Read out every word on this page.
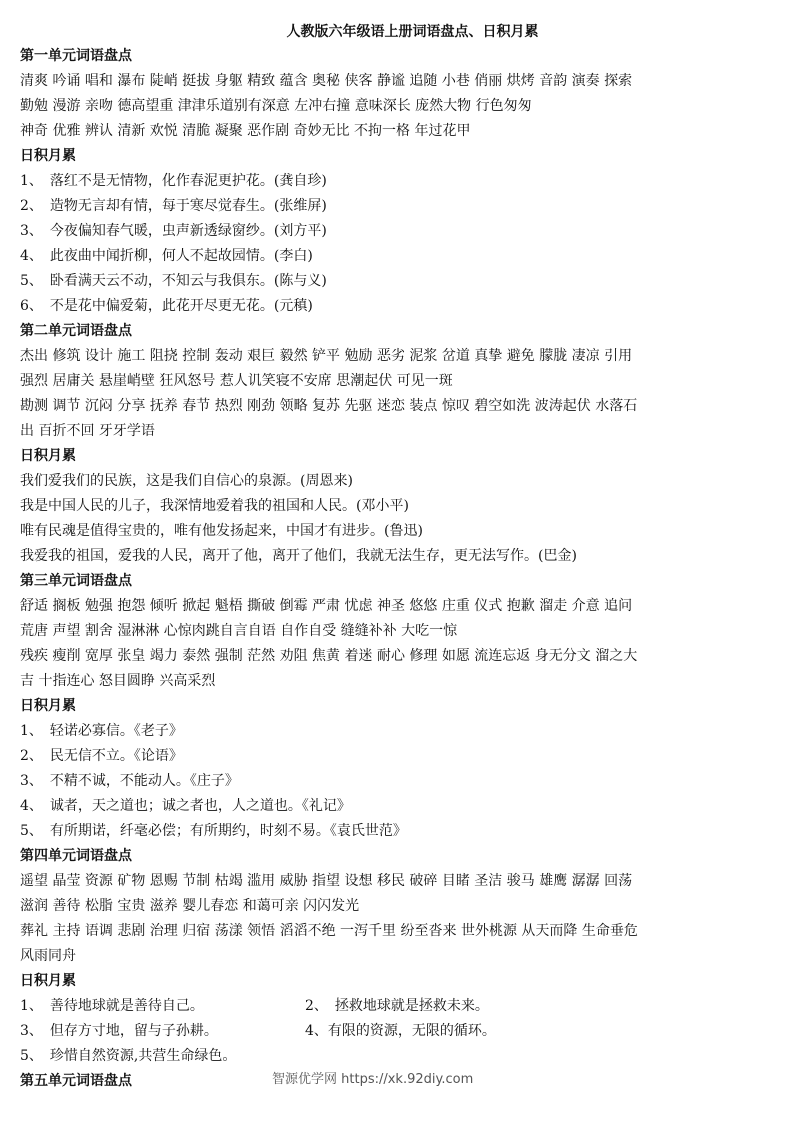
人教版六年级语上册词语盘点、日积月累
第一单元词语盘点
清爽 吟诵 唱和 瀑布 陡峭 挺拔 身躯 精致 蕴含 奥秘 侠客 静谧 追随 小巷 俏丽 烘烤 音韵 演奏 探索
勤勉 漫游 亲吻 德高望重 津津乐道别有深意 左冲右撞 意味深长 庞然大物 行色匆匆
神奇 优雅 辨认 清新 欢悦 清脆 凝聚 恶作剧 奇妙无比 不拘一格 年过花甲
日积月累
1、　落红不是无情物，化作春泥更护花。(龚自珍)
2、　造物无言却有情，每于寒尽觉春生。(张维屏)
3、　今夜偏知春气暖，虫声新透绿窗纱。(刘方平)
4、　此夜曲中闻折柳，何人不起故园情。(李白)
5、　卧看满天云不动，不知云与我俱东。(陈与义)
6、　不是花中偏爱菊，此花开尽更无花。(元稹)
第二单元词语盘点
杰出 修筑 设计 施工 阻挠 控制 轰动 艰巨 毅然 铲平 勉励 恶劣 泥浆 岔道 真挚 避免 朦胧 凄凉 引用
强烈 居庸关 悬崖峭壁 狂风怒号 惹人讥笑寝不安席 思潮起伏 可见一斑
勘测 调节 沉闷 分享 抚养 春节 热烈 刚劲 领略 复苏 先驱 迷恋 装点 惊叹 碧空如洗 波涛起伏 水落石
出 百折不回 牙牙学语
日积月累
我们爱我们的民族，这是我们自信心的泉源。(周恩来)
我是中国人民的儿子，我深情地爱着我的祖国和人民。(邓小平)
唯有民魂是值得宝贵的，唯有他发扬起来，中国才有进步。(鲁迅)
我爱我的祖国，爱我的人民，离开了他，离开了他们，我就无法生存，更无法写作。(巴金)
第三单元词语盘点
舒适 搁板 勉强 抱怨 倾听 掀起 魁梧 撕破 倒霉 严肃 忧虑 神圣 悠悠 庄重 仪式 抱歉 溜走 介意 追问
荒唐 声望 割舍 湿淋淋 心惊肉跳自言自语 自作自受 缝缝补补 大吃一惊
残疾 瘦削 宽厚 张皇 竭力 泰然 强制 茫然 劝阻 焦黄 着迷 耐心 修理 如愿 流连忘返 身无分文 溜之大
吉 十指连心 怒目圆睁 兴高采烈
日积月累
1、　轻诺必寡信。《老子》
2、　民无信不立。《论语》
3、　不精不诚，不能动人。《庄子》
4、　诚者，天之道也；诚之者也，人之道也。《礼记》
5、　有所期诺，纤毫必偿；有所期约，时刻不易。《袁氏世范》
第四单元词语盘点
遥望 晶莹 资源 矿物 恩赐 节制 枯竭 滥用 威胁 指望 设想 移民 破碎 目睹 圣洁 骏马 雄鹰 潺潺 回荡
滋润 善待 松脂 宝贵 滋养 婴儿春恋 和蔼可亲 闪闪发光
葬礼 主持 语调 悲剧 治理 归宿 荡漾 领悟 滔滔不绝 一泻千里 纷至沓来 世外桃源 从天而降 生命垂危
风雨同舟
日积月累
1、　善待地球就是善待自己。	2、　拯救地球就是拯救未来。
3、　但存方寸地，留与子孙耕。	4、有限的资源，无限的循环。
5、　珍惜自然资源,共营生命绿色。
第五单元词语盘点	智源优学网 https://xk.92diy.com
